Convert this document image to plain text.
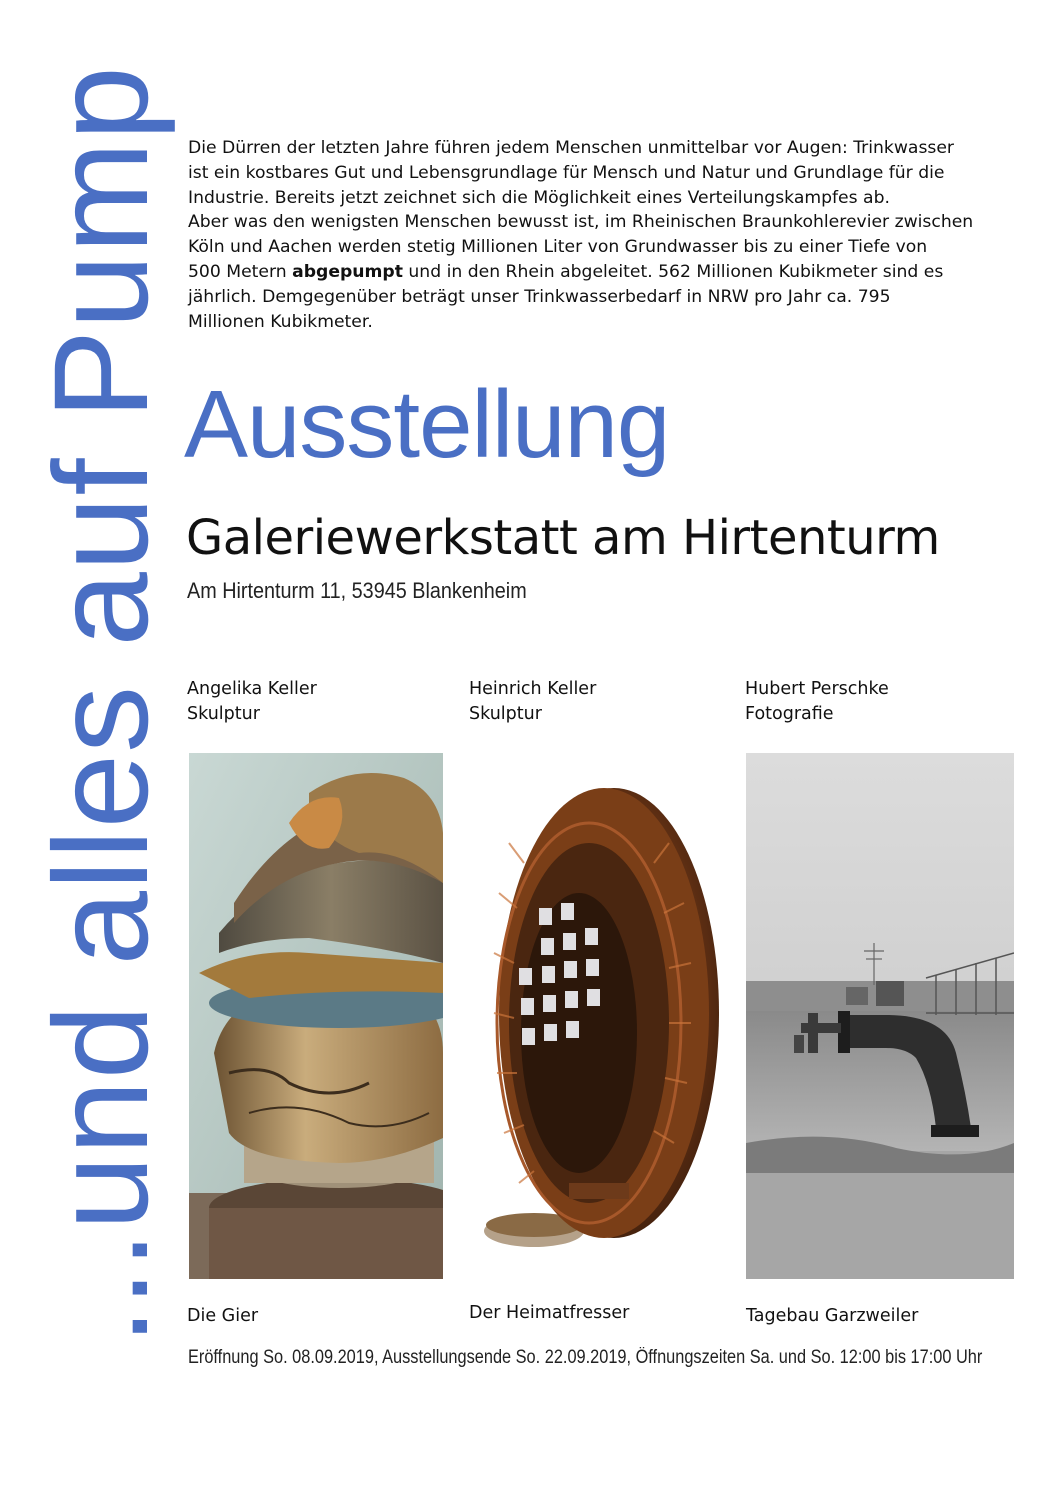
...und alles auf Pump Die Dürren der letzten Jahre führen jedem Menschen unmittelbar vor Augen: Trinkwasser

ist ein kostbares Gut und Lebensgrundlage für Mensch und Natur und Grundlage für die

Industrie. Bereits jetzt zeichnet sich die Möglichkeit eines Verteilungskampfes ab.

Aber was den wenigsten Menschen bewusst ist, im Rheinischen Braunkohlerevier zwischen

Köln und Aachen werden stetig Millionen Liter von Grundwasser bis zu einer Tiefe von

500 Metern abgepumpt und in den Rhein abgeleitet. 562 Millionen Kubikmeter sind es

jährlich. Demgegenüber beträgt unser Trinkwasserbedarf in NRW pro Jahr ca. 795

Millionen Kubikmeter.

Ausstellung
Galeriewerkstatt am Hirtenturm
Am Hirtenturm 11, 53945 Blankenheim
Angelika Keller
Skulptur
Heinrich Keller
Skulptur
Hubert Perschke
Fotografie
Die Gier	Der Heimatfresser	Tagebau Garzweiler
Eröffnung So. 08.09.2019, Ausstellungsende So. 22.09.2019, Öffnungszeiten Sa. und So. 12:00 bis 17:00 Uhr
